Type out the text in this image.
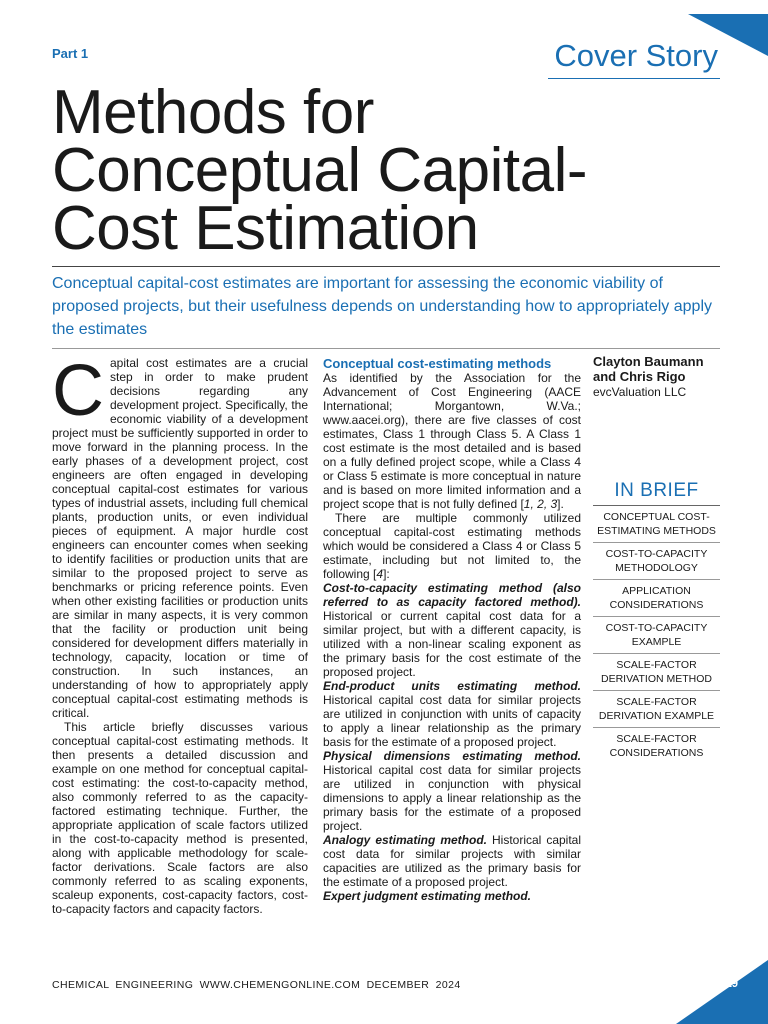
Part 1	Cover Story
Methods for
Conceptual Capital-
Cost Estimation

Conceptual capital-cost estimates are important for assessing the economic viability of proposed projects, but their usefulness depends on understanding how to appropriately apply the estimates

C apital cost estimates are a crucial step in order to make prudent decisions regarding any development project. Specifically, the economic viability of a development project must be sufficiently supported in order to move forward in the planning process. In the early phases of a development project, cost engineers are often engaged in developing conceptual capital-cost estimates for various types of industrial assets, including full chemical plants, production units, or even individual pieces of equipment. A major hurdle cost engineers can encounter comes when seeking to identify facilities or production units that are similar to the proposed project to serve as benchmarks or pricing reference points. Even when other existing facilities or production units are similar in many aspects, it is very common that the facility or production unit being considered for development differs materially in technology, capacity, location or time of construction. In such instances, an understanding of how to appropriately apply conceptual capital-cost estimating methods is critical.

This article briefly discusses various conceptual capital-cost estimating methods. It then presents a detailed discussion and example on one method for conceptual capital-cost estimating: the cost-to-capacity method, also commonly referred to as the capacity-factored estimating technique. Further, the appropriate application of scale factors utilized in the cost-to-capacity method is presented, along with applicable methodology for scale-factor derivations. Scale factors are also commonly referred to as scaling exponents, scaleup exponents, cost-capacity factors, cost-to-capacity factors and capacity factors.

Conceptual cost-estimating methods

As identified by the Association for the Advancement of Cost Engineering (AACE International; Morgantown, W.Va.; www.aacei.org), there are five classes of cost estimates, Class 1 through Class 5. A Class 1 cost estimate is the most detailed and is based on a fully defined project scope, while a Class 4 or Class 5 estimate is more conceptual in nature and is based on more limited information and a project scope that is not fully defined [1, 2, 3].

There are multiple commonly utilized conceptual capital-cost estimating methods which would be considered a Class 4 or Class 5 estimate, including but not limited to, the following [4]:

Cost-to-capacity estimating method (also referred to as capacity factored method). Historical or current capital cost data for a similar project, but with a different capacity, is utilized with a non-linear scaling exponent as the primary basis for the cost estimate of the proposed project.

End-product units estimating method. Historical capital cost data for similar projects are utilized in conjunction with units of capacity to apply a linear relationship as the primary basis for the estimate of a proposed project.

Physical dimensions estimating method. Historical capital cost data for similar projects are utilized in conjunction with physical dimensions to apply a linear relationship as the primary basis for the estimate of a proposed project.

Analogy estimating method. Historical capital cost data for similar projects with similar capacities are utilized as the primary basis for the estimate of a proposed project.

Expert judgment estimating method.

Clayton Baumann and Chris Rigo
evcValuation LLC
IN BRIEF
CONCEPTUAL COST-
ESTIMATING METHODS
COST-TO-CAPACITY
METHODOLOGY
APPLICATION
CONSIDERATIONS
COST-TO-CAPACITY
EXAMPLE
SCALE-FACTOR
DERIVATION METHOD
SCALE-FACTOR
DERIVATION EXAMPLE
SCALE-FACTOR
CONSIDERATIONS
CHEMICAL ENGINEERING WWW.CHEMENGONLINE.COM DECEMBER 2024	19
